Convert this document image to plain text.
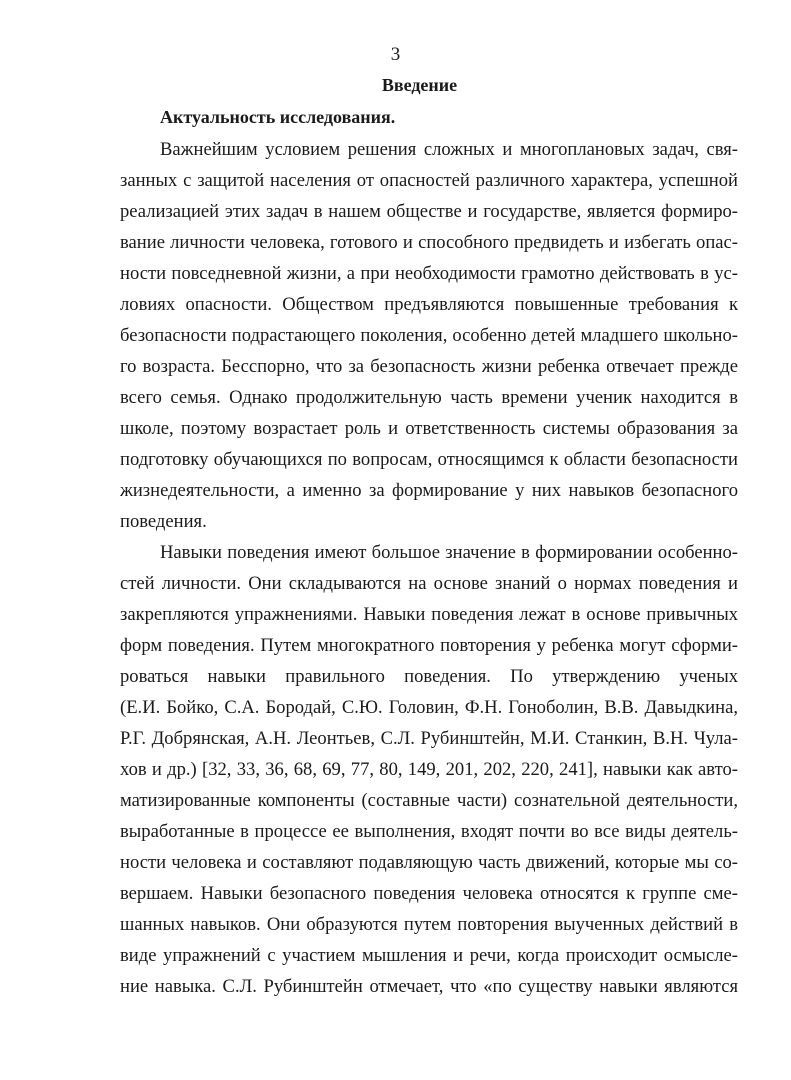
3
Введение
Актуальность исследования.
Важнейшим условием решения сложных и многоплановых задач, свя-
занных с защитой населения от опасностей различного характера, успешной
реализацией этих задач в нашем обществе и государстве, является формиро-
вание личности человека, готового и способного предвидеть и избегать опас-
ности повседневной жизни, а при необходимости грамотно действовать в ус-
ловиях опасности. Обществом предъявляются повышенные требования к
безопасности подрастающего поколения, особенно детей младшего школьно-
го возраста. Бесспорно, что за безопасность жизни ребенка отвечает прежде
всего семья. Однако продолжительную часть времени ученик находится в
школе, поэтому возрастает роль и ответственность системы образования за
подготовку обучающихся по вопросам, относящимся к области безопасности
жизнедеятельности, а именно за формирование у них навыков безопасного
поведения.
Навыки поведения имеют большое значение в формировании особенно-
стей личности. Они складываются на основе знаний о нормах поведения и
закрепляются упражнениями. Навыки поведения лежат в основе привычных
форм поведения. Путем многократного повторения у ребенка могут сформи-
роваться навыки правильного поведения. По утверждению ученых
(Е.И. Бойко, С.А. Бородай, С.Ю. Головин, Ф.Н. Гоноболин, В.В. Давыдкина,
Р.Г. Добрянская, А.Н. Леонтьев, С.Л. Рубинштейн, М.И. Станкин, В.Н. Чула-
хов и др.) [32, 33, 36, 68, 69, 77, 80, 149, 201, 202, 220, 241], навыки как авто-
матизированные компоненты (составные части) сознательной деятельности,
выработанные в процессе ее выполнения, входят почти во все виды деятель-
ности человека и составляют подавляющую часть движений, которые мы со-
вершаем. Навыки безопасного поведения человека относятся к группе сме-
шанных навыков. Они образуются путем повторения выученных действий в
виде упражнений с участием мышления и речи, когда происходит осмысле-
ние навыка. С.Л. Рубинштейн отмечает, что «по существу навыки являются
